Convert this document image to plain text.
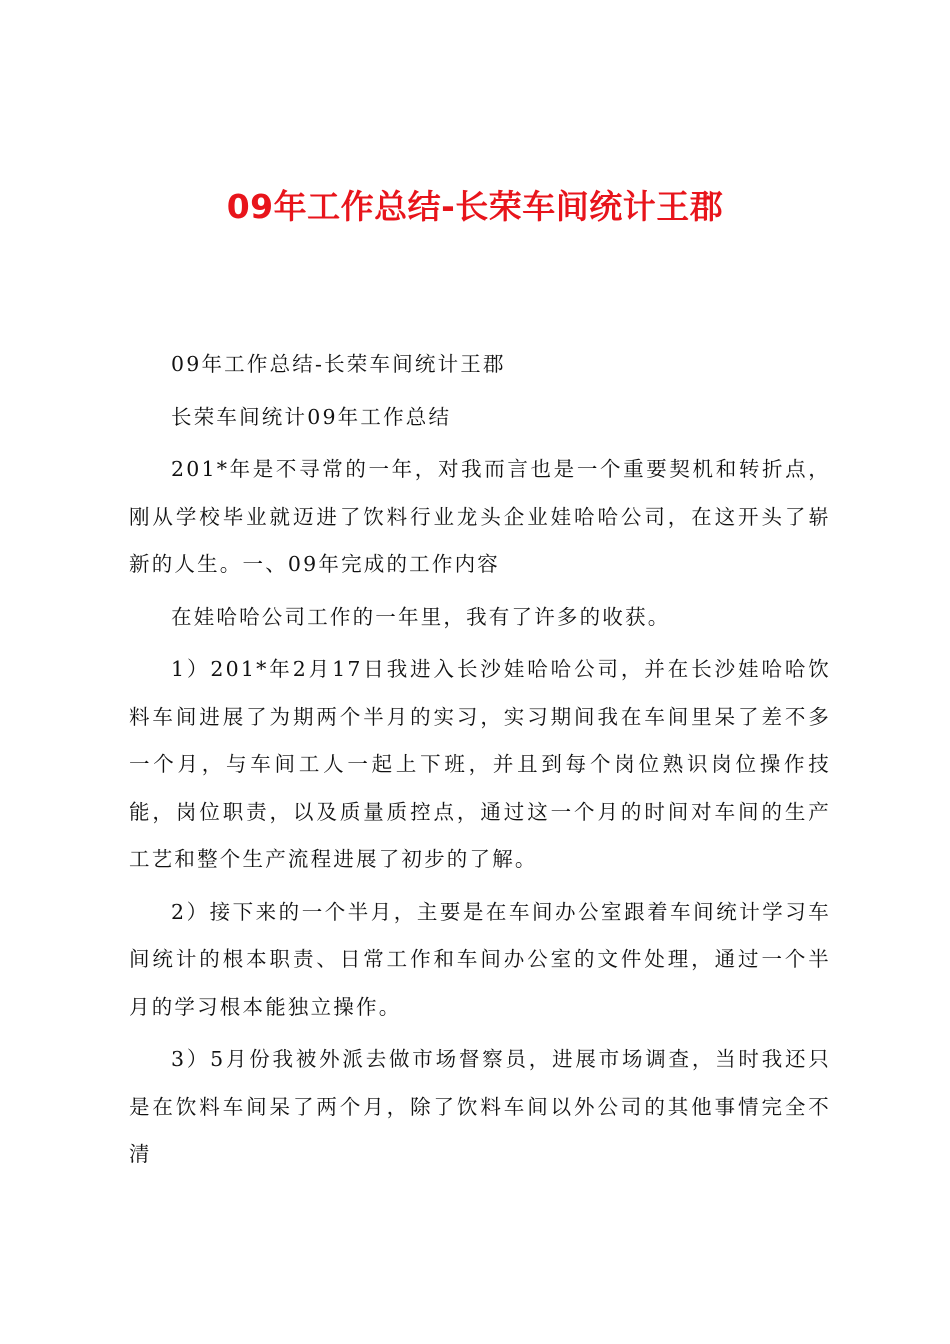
09年工作总结-长荣车间统计王郡

09年工作总结-长荣车间统计王郡

长荣车间统计09年工作总结

201*年是不寻常的一年，对我而言也是一个重要契机和转折点，刚从学校毕业就迈进了饮料行业龙头企业娃哈哈公司，在这开头了崭新的人生。一、09年完成的工作内容

在娃哈哈公司工作的一年里，我有了许多的收获。

1）201*年2月17日我进入长沙娃哈哈公司，并在长沙娃哈哈饮料车间进展了为期两个半月的实习，实习期间我在车间里呆了差不多一个月，与车间工人一起上下班，并且到每个岗位熟识岗位操作技能，岗位职责，以及质量质控点，通过这一个月的时间对车间的生产工艺和整个生产流程进展了初步的了解。

2）接下来的一个半月，主要是在车间办公室跟着车间统计学习车间统计的根本职责、日常工作和车间办公室的文件处理，通过一个半月的学习根本能独立操作。

3）5月份我被外派去做市场督察员，进展市场调查，当时我还只是在饮料车间呆了两个月，除了饮料车间以外公司的其他事情完全不清
